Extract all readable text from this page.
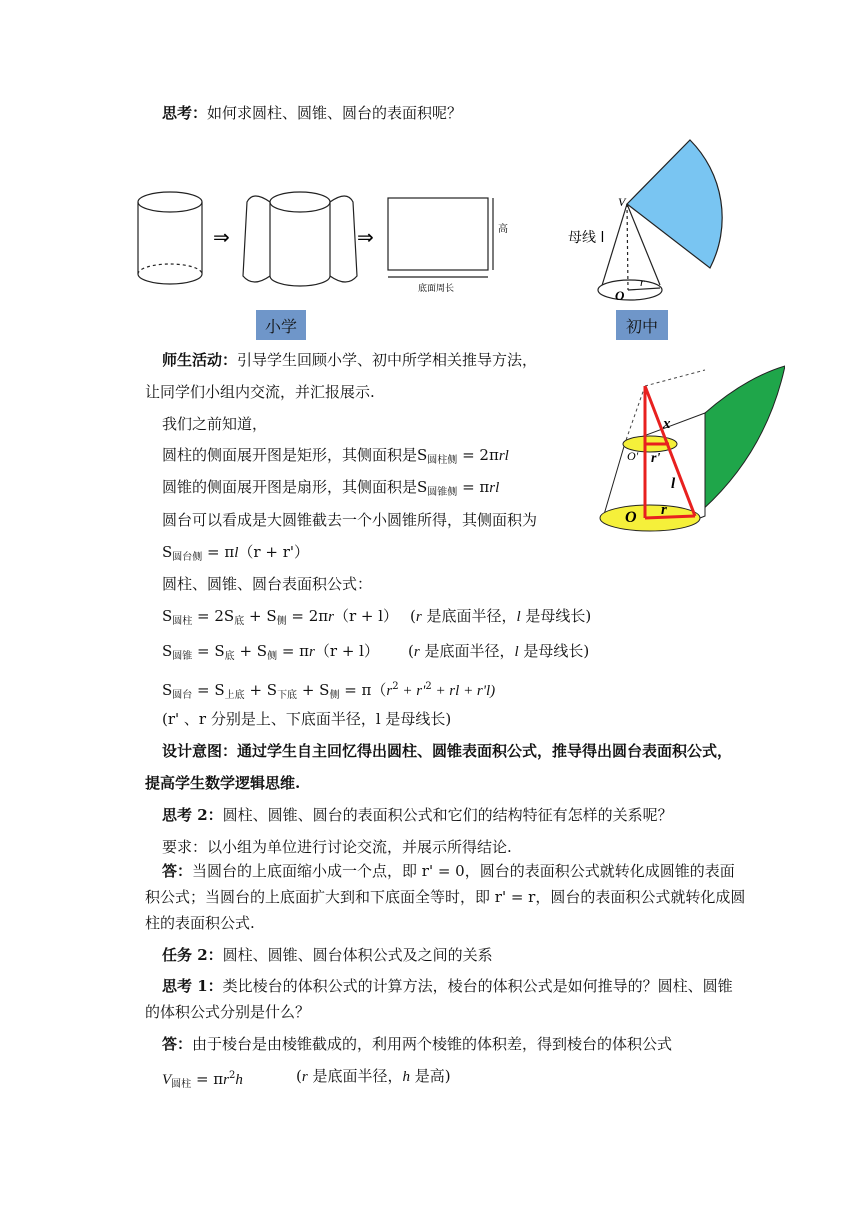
思考：如何求圆柱、圆锥、圆台的表面积呢？
⇒	⇒	高
底面周长
小学
V
母线 l
r
O
初中
师生活动：引导学生回顾小学、初中所学相关推导方法，
让同学们小组内交流，并汇报展示.
x
r'
l
r
O'
O
我们之前知道，
圆柱的侧面展开图是矩形，其侧面积是$S_{圆柱侧} = 2\pi rl$
圆锥的侧面展开图是扇形，其侧面积是$S_{圆锥侧} = \pi rl$
圆台可以看成是大圆锥截去一个小圆锥所得，其侧面积为
$S_{圆台侧} = \pi l(r + r')$
圆柱、圆锥、圆台表面积公式：
$S_{圆柱} = 2S_底 + S_侧 = 2\pi r(r + l)$ (r 是底面半径，l 是母线长)
$S_{圆锥} = S_底 + S_侧 = \pi r(r + l)$ (r 是底面半径，l 是母线长)
$S_{圆台} = S_{上底} + S_{下底} + S_侧 = \pi(r^2 + r'^2$ + rl + r'l)
(r' 、r 分别是上、下底面半径，l 是母线长)
设计意图：通过学生自主回忆得出圆柱、圆锥表面积公式，推导得出圆台表面积公式，
提高学生数学逻辑思维.
思考 2：圆柱、圆锥、圆台的表面积公式和它们的结构特征有怎样的关系呢？
要求：以小组为单位进行讨论交流，并展示所得结论.
答：当圆台的上底面缩小成一个点，即 r' = 0，圆台的表面积公式就转化成圆锥的表面
积公式；当圆台的上底面扩大到和下底面全等时，即 r' = r，圆台的表面积公式就转化成圆
柱的表面积公式.
任务 2：圆柱、圆锥、圆台体积公式及之间的关系
思考 1：类比棱台的体积公式的计算方法，棱台的体积公式是如何推导的？圆柱、圆锥
的体积公式分别是什么？
答：由于棱台是由棱锥截成的，利用两个棱锥的体积差，得到棱台的体积公式
$V_{圆柱} = \pi r^2h$	(r 是底面半径，h 是高)
